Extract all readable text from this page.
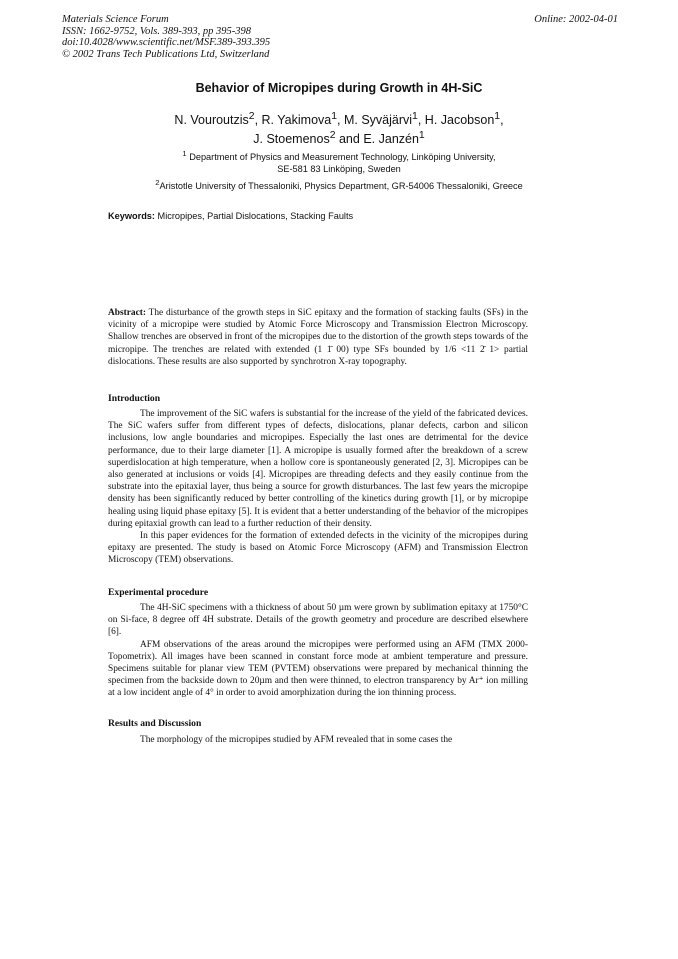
Materials Science Forum
ISSN: 1662-9752, Vols. 389-393, pp 395-398
doi:10.4028/www.scientific.net/MSF.389-393.395
© 2002 Trans Tech Publications Ltd, Switzerland
Online: 2002-04-01
Behavior of Micropipes during Growth in 4H-SiC
N. Vouroutzis$^2$, R. Yakimova$^1$, M. Syväjärvi$^1$, H. Jacobson$^1$,
J. Stoemenos$^2$ and E. Janzén$^1$
$^1$ Department of Physics and Measurement Technology, Linköping University,
SE-581 83 Linköping, Sweden
$^2$Aristotle University of Thessaloniki, Physics Department, GR-54006 Thessaloniki, Greece
Keywords: Micropipes, Partial Dislocations, Stacking Faults

Abstract: The disturbance of the growth steps in SiC epitaxy and the formation of stacking faults (SFs) in the vicinity of a micropipe were studied by Atomic Force Microscopy and Transmission Electron Microscopy. Shallow trenches are observed in front of the micropipes due to the distortion of the growth steps towards of the micropipe. The trenches are related with extended (1 1̄ 00) type SFs bounded by 1/6 <11 2̄ 1> partial dislocations. These results are also supported by synchrotron X-ray topography.

Introduction

The improvement of the SiC wafers is substantial for the increase of the yield of the fabricated devices. The SiC wafers suffer from different types of defects, dislocations, planar defects, carbon and silicon inclusions, low angle boundaries and micropipes. Especially the last ones are detrimental for the device performance, due to their large diameter [1]. A micropipe is usually formed after the breakdown of a screw superdislocation at high temperature, when a hollow core is spontaneously generated [2, 3]. Micropipes can be also generated at inclusions or voids [4]. Micropipes are threading defects and they easily continue from the substrate into the epitaxial layer, thus being a source for growth disturbances. The last few years the micropipe density has been significantly reduced by better controlling of the kinetics during growth [1], or by micropipe healing using liquid phase epitaxy [5]. It is evident that a better understanding of the behavior of the micropipes during epitaxial growth can lead to a further reduction of their density.

In this paper evidences for the formation of extended defects in the vicinity of the micropipes during epitaxy are presented. The study is based on Atomic Force Microscopy (AFM) and Transmission Electron Microscopy (TEM) observations.

Experimental procedure

The 4H-SiC specimens with a thickness of about 50 µm were grown by sublimation epitaxy at 1750°C on Si-face, 8 degree off 4H substrate. Details of the growth geometry and procedure are described elsewhere [6].

AFM observations of the areas around the micropipes were performed using an AFM (TMX 2000-Topometrix). All images have been scanned in constant force mode at ambient temperature and pressure. Specimens suitable for planar view TEM (PVTEM) observations were prepared by mechanical thinning the specimen from the backside down to 20µm and then were thinned, to electron transparency by Ar⁺ ion milling at a low incident angle of 4° in order to avoid amorphization during the ion thinning process.

Results and Discussion

The morphology of the micropipes studied by AFM revealed that in some cases the
